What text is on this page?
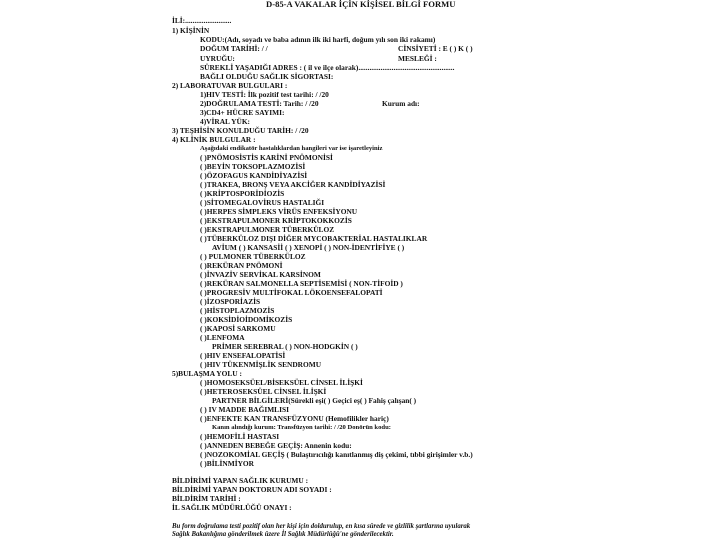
D-85-A VAKALAR İÇİN KİŞİSEL BİLGİ FORMU
İLİ:.........................
1) KİŞİNİN
KODU:(Adı, soyadı ve baba adının ilk iki harfi, doğum yılı son iki rakamı)
DOĞUM TARİHİ: / /	CİNSİYETİ : E ( ) K ( )
UYRUĞU:	MESLEĞİ :
SÜREKLİ YAŞADIĞI ADRES : ( il ve ilçe olarak)....................................................
BAĞLI OLDUĞU SAĞLIK SİGORTASI:
2) LABORATUVAR BULGULARI :
1)HIV TESTİ: İlk pozitif test tarihi: / /20
2)DOĞRULAMA TESTİ: Tarih: / /20	Kurum adı:
3)CD4+ HÜCRE SAYIMI:
4)VİRAL YÜK:
3) TEŞHİSİN KONULDUĞU TARİH: / /20
4) KLİNİK BULGULAR :
Aşağıdaki endikatör hastalıklardan hangileri var ise işaretleyiniz
( )PNÖMOSİSTİS KARİNİ PNÖMONİSİ
( )BEYİN TOKSOPLAZMOZİSİ
( )ÖZOFAGUS KANDİDİYAZİSİ
( )TRAKEA, BRONŞ VEYA AKCİĞER KANDİDİYAZİSİ
( )KRİPTOSPORİDİOZİS
( )SİTOMEGALOVİRUS HASTALIĞI
( )HERPES SİMPLEKS VİRÜS ENFEKSİYONU
( )EKSTRAPULMONER KRİPTOKOKKOZİS
( )EKSTRAPULMONER TÜBERKÜLOZ
( )TÜBERKÜLOZ DIŞI DİĞER MYCOBAKTERİAL HASTALIKLAR
AVİUM ( ) KANSASİİ ( ) XENOPİ ( ) NON-İDENTİFİYE ( )
( ) PULMONER TÜBERKÜLOZ
( )REKÜRAN PNÖMONİ
( )İNVAZİV SERVİKAL KARSİNOM
( )REKÜRAN SALMONELLA SEPTİSEMİSİ ( NON-TİFOİD )
( )PROGRESİV MULTİFOKAL LÖKOENSEFALOPATİ
( )İZOSPORİAZİS
( )HİSTOPLAZMOZİS
( )KOKSİDİOİDOMİKOZİS
( )KAPOSİ SARKOMU
( )LENFOMA
PRİMER SEREBRAL ( ) NON-HODGKİN ( )
( )HIV ENSEFALOPATİSİ
( )HIV TÜKENMİŞLİK SENDROMU
5)BULAŞMA YOLU :
( )HOMOSEKSÜEL/BİSEKSÜEL CİNSEL İLİŞKİ
( )HETEROSEKSÜEL CİNSEL İLİŞKİ
PARTNER BİLGİLERİ(Sürekli eşi( ) Geçici eş( ) Fahiş çalışan( )
( ) IV MADDE BAĞIMLISI
( )ENFEKTE KAN TRANSFÜZYONU (Hemofilikler hariç)
Kanın alındığı kurum: Transfüzyon tarihi: / /20 Donörün kodu:
( )HEMOFİLİ HASTASI
( )ANNEDEN BEBEĞE GEÇİŞ: Annenin kodu:
( )NOZOKOMİAL GEÇİŞ ( Bulaştırıcılığı kanıtlanmış diş çekimi, tıbbi girişimler v.b.)
( )BİLİNMİYOR
BİLDİRİMİ YAPAN SAĞLIK KURUMU :
BİLDİRİMİ YAPAN DOKTORUN ADI SOYADI :
BİLDİRİM TARİHİ :
İL SAĞLIK MÜDÜRLÜĞÜ ONAYI :
Bu form doğrulama testi pozitif olan her kişi için doldurulup, en kısa sürede ve gizlilik şartlarına uyularak
Sağlık Bakanlığına gönderilmek üzere İl Sağlık Müdürlüğü'ne gönderilecektir.
